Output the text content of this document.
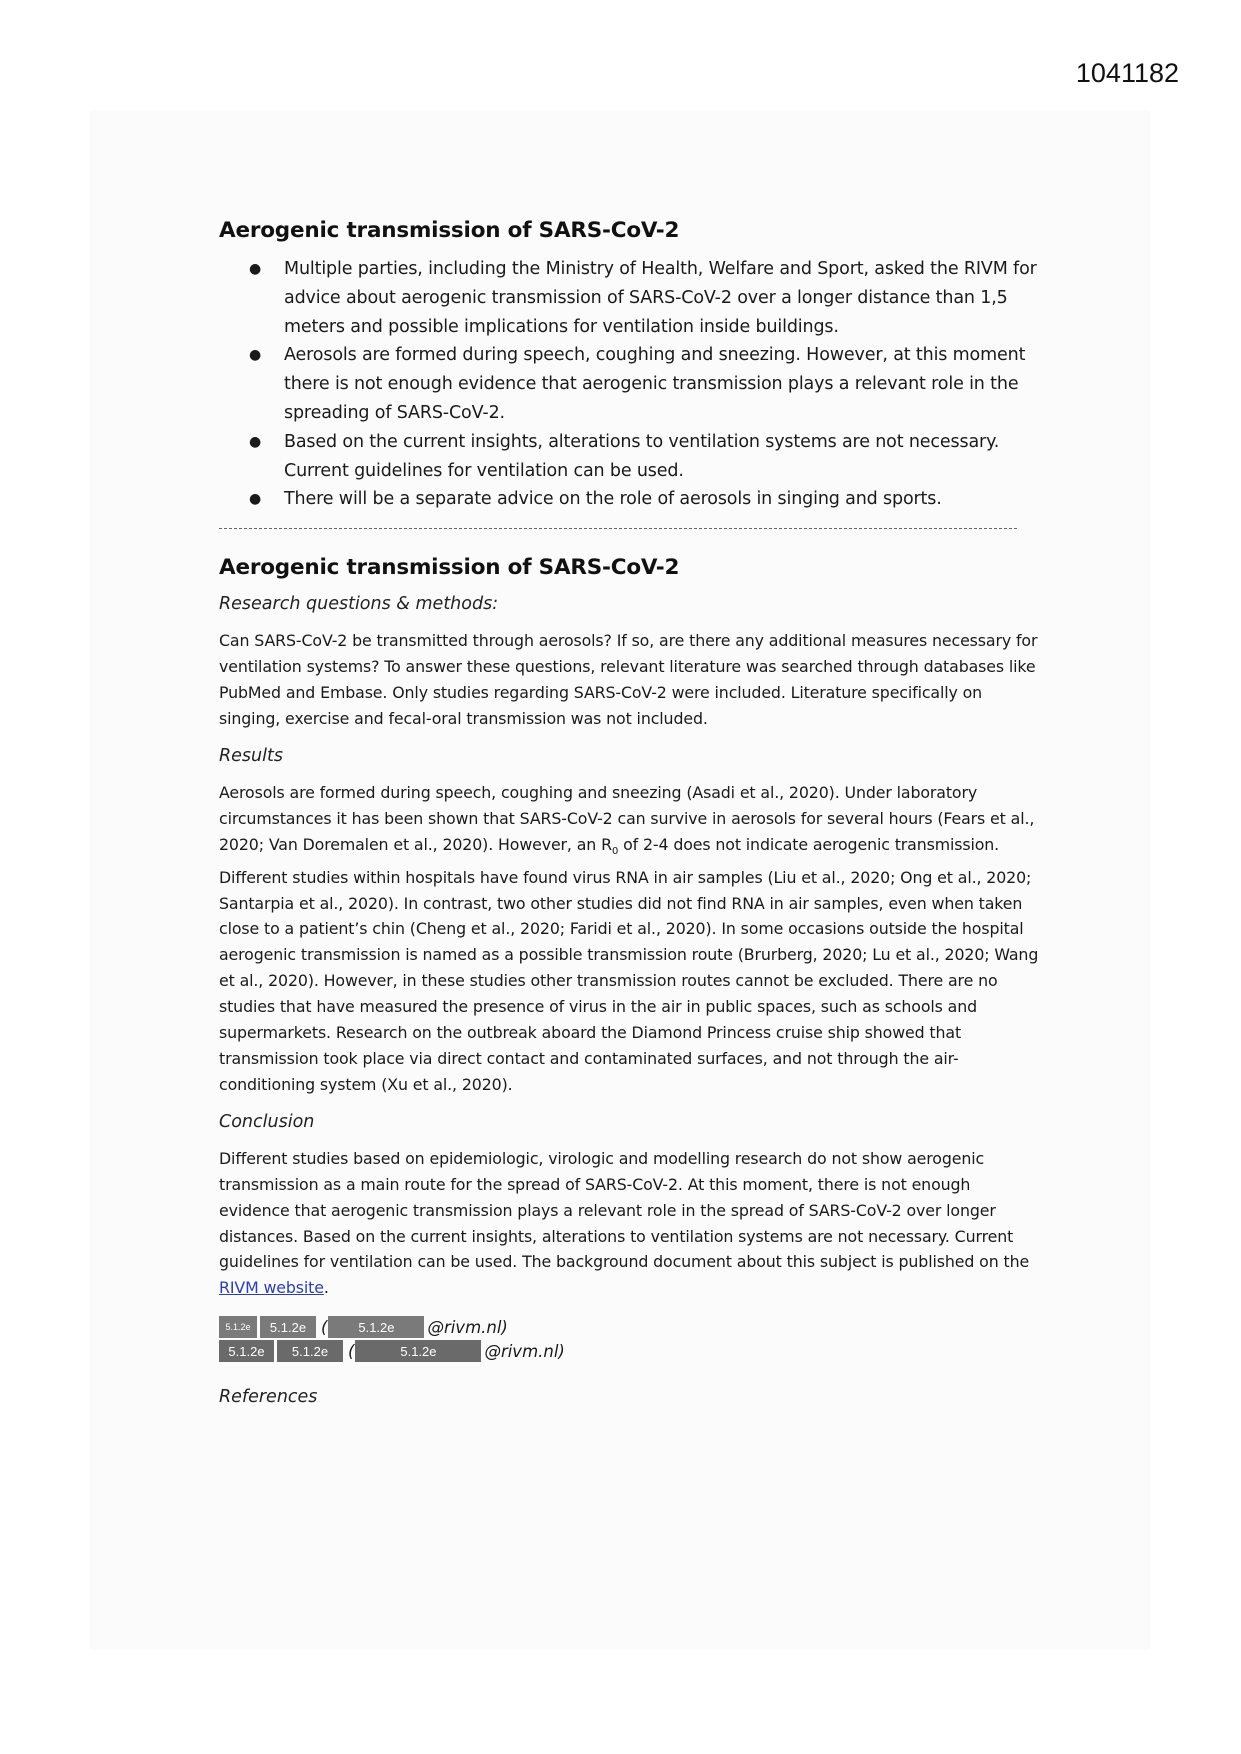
1041182
Aerogenic transmission of SARS-CoV-2
● Multiple parties, including the Ministry of Health, Welfare and Sport, asked the RIVM for advice about aerogenic transmission of SARS-CoV-2 over a longer distance than 1,5 meters and possible implications for ventilation inside buildings.
● Aerosols are formed during speech, coughing and sneezing. However, at this moment there is not enough evidence that aerogenic transmission plays a relevant role in the spreading of SARS-CoV-2.
● Based on the current insights, alterations to ventilation systems are not necessary. Current guidelines for ventilation can be used.
● There will be a separate advice on the role of aerosols in singing and sports.
Aerogenic transmission of SARS-CoV-2
Research questions & methods:

Can SARS-CoV-2 be transmitted through aerosols? If so, are there any additional measures necessary for ventilation systems? To answer these questions, relevant literature was searched through databases like PubMed and Embase. Only studies regarding SARS-CoV-2 were included. Literature specifically on singing, exercise and fecal-oral transmission was not included.

Results

Aerosols are formed during speech, coughing and sneezing (Asadi et al., 2020). Under laboratory circumstances it has been shown that SARS-CoV-2 can survive in aerosols for several hours (Fears et al., 2020; Van Doremalen et al., 2020). However, an $R_0$ of 2-4 does not indicate aerogenic transmission. Different studies within hospitals have found virus RNA in air samples (Liu et al., 2020; Ong et al., 2020; Santarpia et al., 2020). In contrast, two other studies did not find RNA in air samples, even when taken close to a patient’s chin (Cheng et al., 2020; Faridi et al., 2020). In some occasions outside the hospital aerogenic transmission is named as a possible transmission route (Brurberg, 2020; Lu et al., 2020; Wang et al., 2020). However, in these studies other transmission routes cannot be excluded. There are no studies that have measured the presence of virus in the air in public spaces, such as schools and supermarkets. Research on the outbreak aboard the Diamond Princess cruise ship showed that transmission took place via direct contact and contaminated surfaces, and not through the air-conditioning system (Xu et al., 2020).

Conclusion

Different studies based on epidemiologic, virologic and modelling research do not show aerogenic transmission as a main route for the spread of SARS-CoV-2. At this moment, there is not enough evidence that aerogenic transmission plays a relevant role in the spread of SARS-CoV-2 over longer distances. Based on the current insights, alterations to ventilation systems are not necessary. Current guidelines for ventilation can be used. The background document about this subject is published on the RIVM website.

5.1.2e	5.1.2e (	5.1.2e	@rivm.nl)
5.1.2e	5.1.2e	(	5.1.2e	@rivm.nl)
References
